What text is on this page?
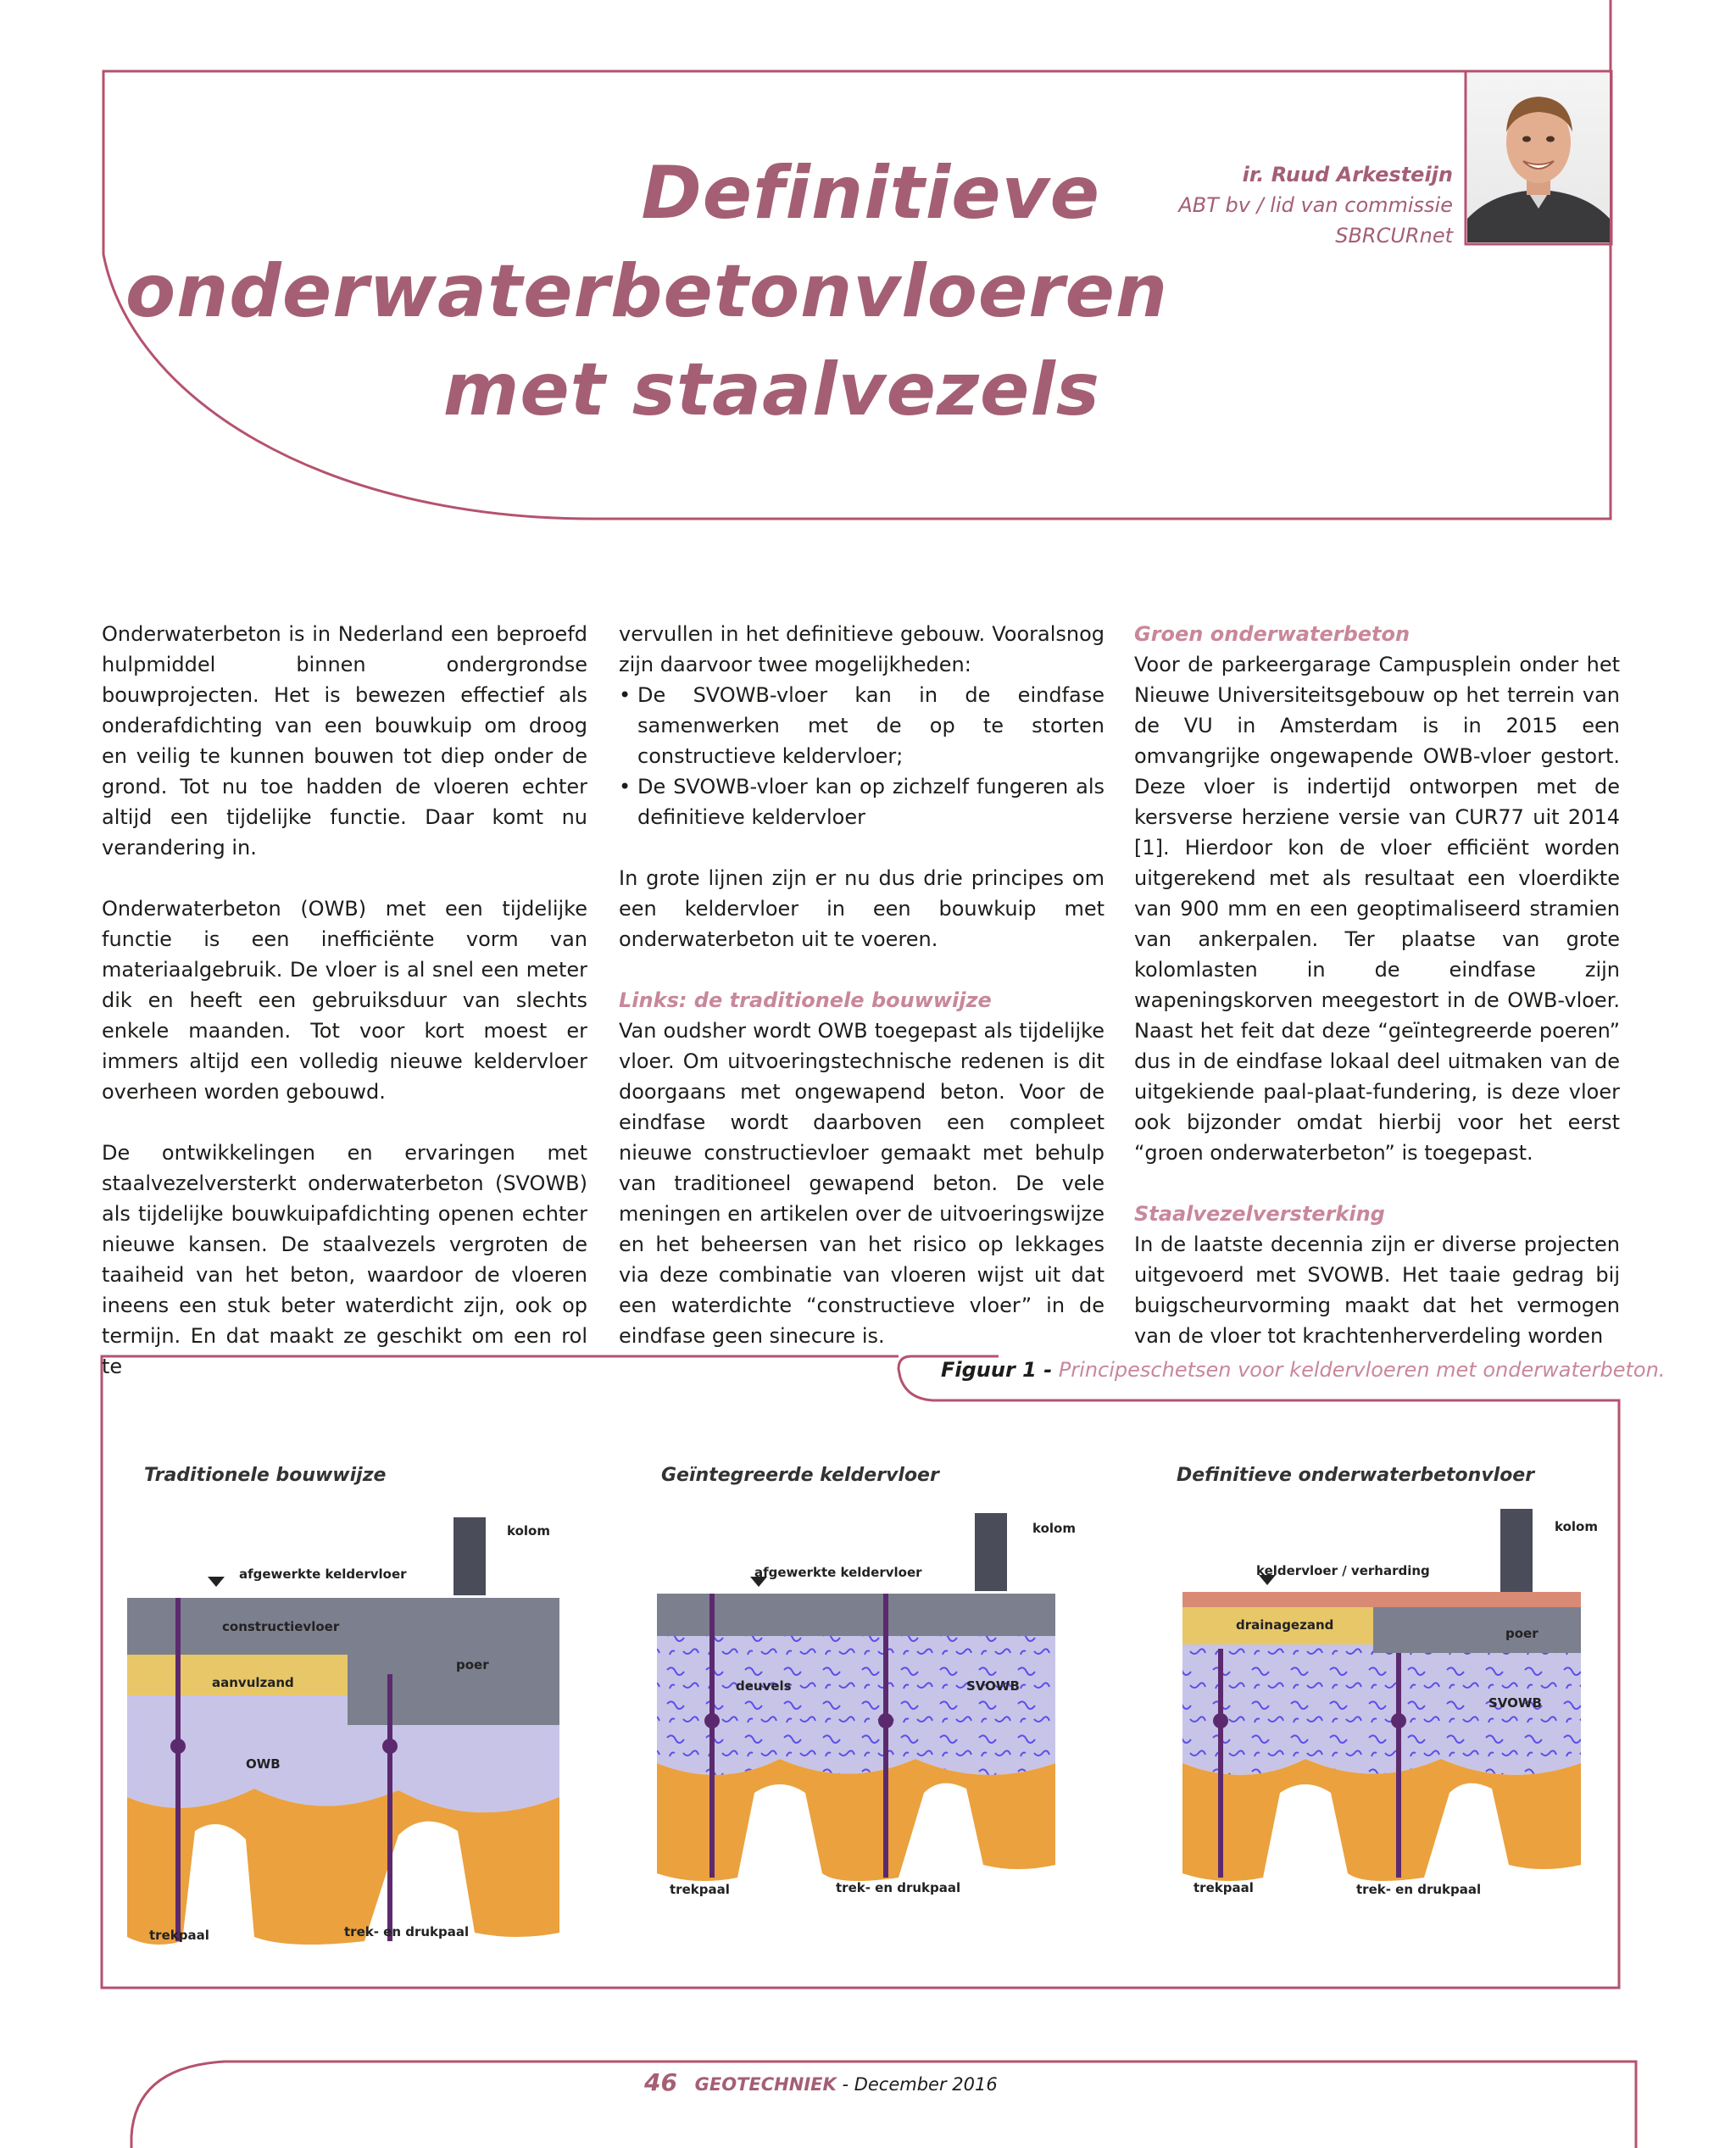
Definitieve
onderwaterbetonvloeren
met staalvezels
ir. Ruud Arkesteijn
ABT bv / lid van commissie
SBRCURnet

Onderwaterbeton is in Nederland een beproefd hulpmiddel binnen ondergrondse bouwprojecten. Het is bewezen effectief als onderafdichting van een bouwkuip om droog en veilig te kunnen bouwen tot diep onder de grond. Tot nu toe hadden de vloeren echter altijd een tijdelijke functie. Daar komt nu verandering in.

Onderwaterbeton (OWB) met een tijdelijke functie is een inefficiënte vorm van materiaalgebruik. De vloer is al snel een meter dik en heeft een gebruiksduur van slechts enkele maanden. Tot voor kort moest er immers altijd een volledig nieuwe keldervloer overheen worden gebouwd.

De ontwikkelingen en ervaringen met staalvezelversterkt onderwaterbeton (SVOWB) als tijdelijke bouwkuipafdichting openen echter nieuwe kansen. De staalvezels vergroten de taaiheid van het beton, waardoor de vloeren ineens een stuk beter waterdicht zijn, ook op termijn. En dat maakt ze geschikt om een rol te

vervullen in het definitieve gebouw. Vooralsnog zijn daarvoor twee mogelijkheden:

• De SVOWB-vloer kan in de eindfase samenwerken met de op te storten constructieve keldervloer;
• De SVOWB-vloer kan op zichzelf fungeren als definitieve keldervloer

In grote lijnen zijn er nu dus drie principes om een keldervloer in een bouwkuip met onderwaterbeton uit te voeren.

Links: de traditionele bouwwijze

Van oudsher wordt OWB toegepast als tijdelijke vloer. Om uitvoeringstechnische redenen is dit doorgaans met ongewapend beton. Voor de eindfase wordt daarboven een compleet nieuwe constructievloer gemaakt met behulp van traditioneel gewapend beton. De vele meningen en artikelen over de uitvoeringswijze en het beheersen van het risico op lekkages via deze combinatie van vloeren wijst uit dat een waterdichte “constructieve vloer” in de eindfase geen sinecure is.

Groen onderwaterbeton

Voor de parkeergarage Campusplein onder het Nieuwe Universiteitsgebouw op het terrein van de VU in Amsterdam is in 2015 een omvangrijke ongewapende OWB-vloer gestort. Deze vloer is indertijd ontworpen met de kersverse herziene versie van CUR77 uit 2014 [1]. Hierdoor kon de vloer efficiënt worden uitgerekend met als resultaat een vloerdikte van 900 mm en een geoptimaliseerd stramien van ankerpalen. Ter plaatse van grote kolomlasten in de eindfase zijn wapeningskorven meegestort in de OWB-vloer. Naast het feit dat deze “geïntegreerde poeren” dus in de eindfase lokaal deel uitmaken van de uitgekiende paal-plaat-fundering, is deze vloer ook bijzonder omdat hierbij voor het eerst “groen onderwaterbeton” is toegepast.

Staalvezelversterking

In de laatste decennia zijn er diverse projecten uitgevoerd met SVOWB. Het taaie gedrag bij buigscheurvorming maakt dat het vermogen van de vloer tot krachtenherverdeling worden

Figuur 1 - Principeschetsen voor keldervloeren met onderwaterbeton.
Traditionele bouwwijze	Geïntegreerde keldervloer	Definitieve onderwaterbetonvloer
kolom
afgewerkte keldervloer
constructievloer
aanvulzand
poer
OWB
trekpaal	trek- en drukpaal
kolom
afgewerkte keldervloer
deuvels	SVOWB
trekpaal	trek- en drukpaal
kolom
keldervloer / verharding
drainagezand
poer
SVOWB
trekpaal	trek- en drukpaal
46 GEOTECHNIEK - December 2016
